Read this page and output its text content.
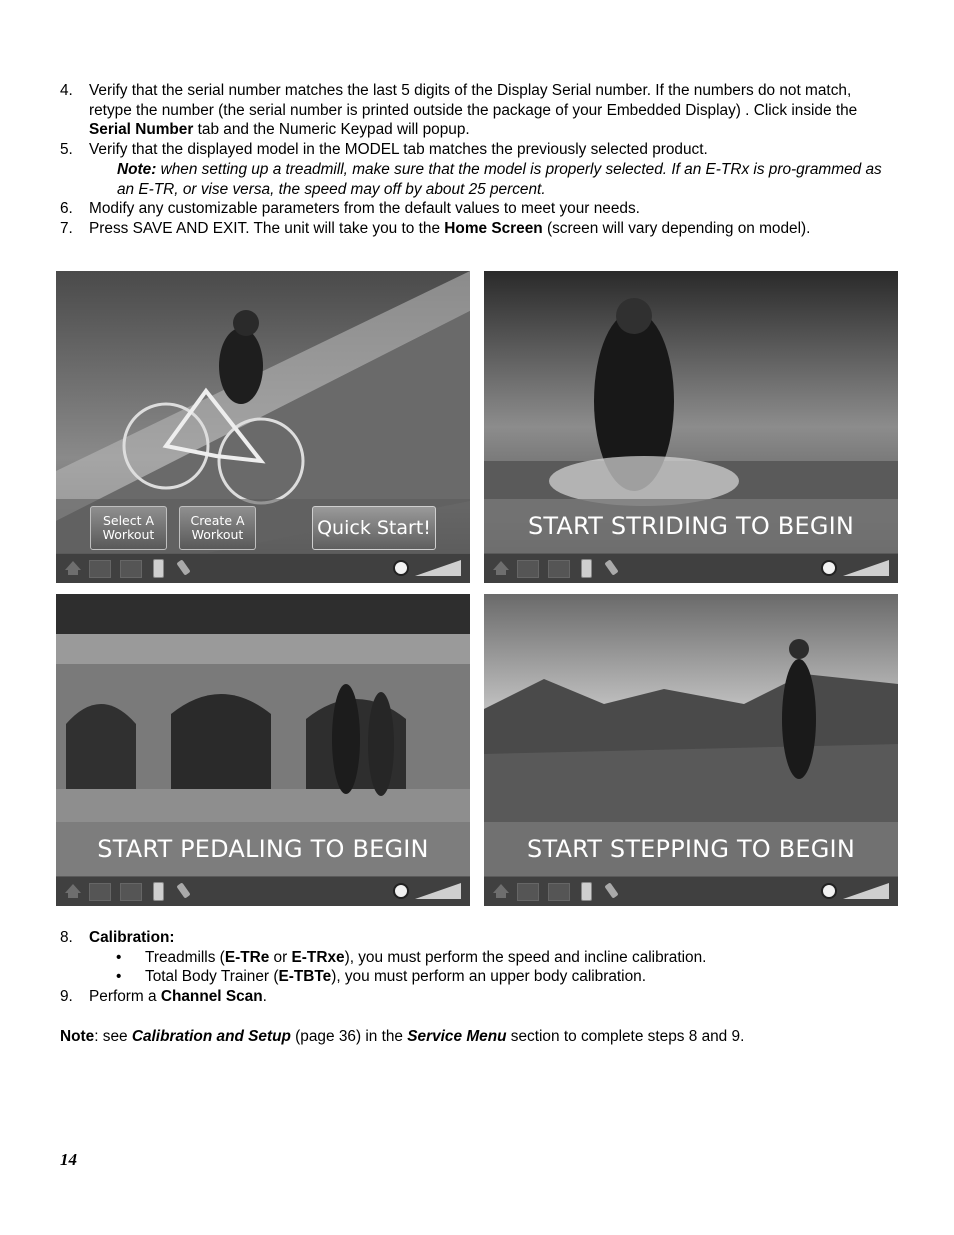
4. Verify that the serial number matches the last 5 digits of the Display Serial number. If the numbers do not match, retype the number (the serial number is printed outside the package of your Embedded Display) . Click inside the Serial Number tab and the Numeric Keypad will popup.
5. Verify that the displayed model in the MODEL tab matches the previously selected product.
Note: when setting up a treadmill, make sure that the model is properly selected. If an E-TRx is pro-grammed as an E-TR, or vise versa, the speed may off by about 25 percent.
6. Modify any customizable parameters from the default values to meet your needs.
7. Press SAVE AND EXIT. The unit will take you to the Home Screen (screen will vary depending on model).
Select A
Workout
Create A
Workout	Quick Start!	START STRIDING TO BEGIN
START PEDALING TO BEGIN	START STEPPING TO BEGIN
8. Calibration:
• Treadmills (E-TRe or E-TRxe), you must perform the speed and incline calibration.
• Total Body Trainer (E-TBTe), you must perform an upper body calibration.
9. Perform a Channel Scan.
Note: see Calibration and Setup (page 36) in the Service Menu section to complete steps 8 and 9.
14
